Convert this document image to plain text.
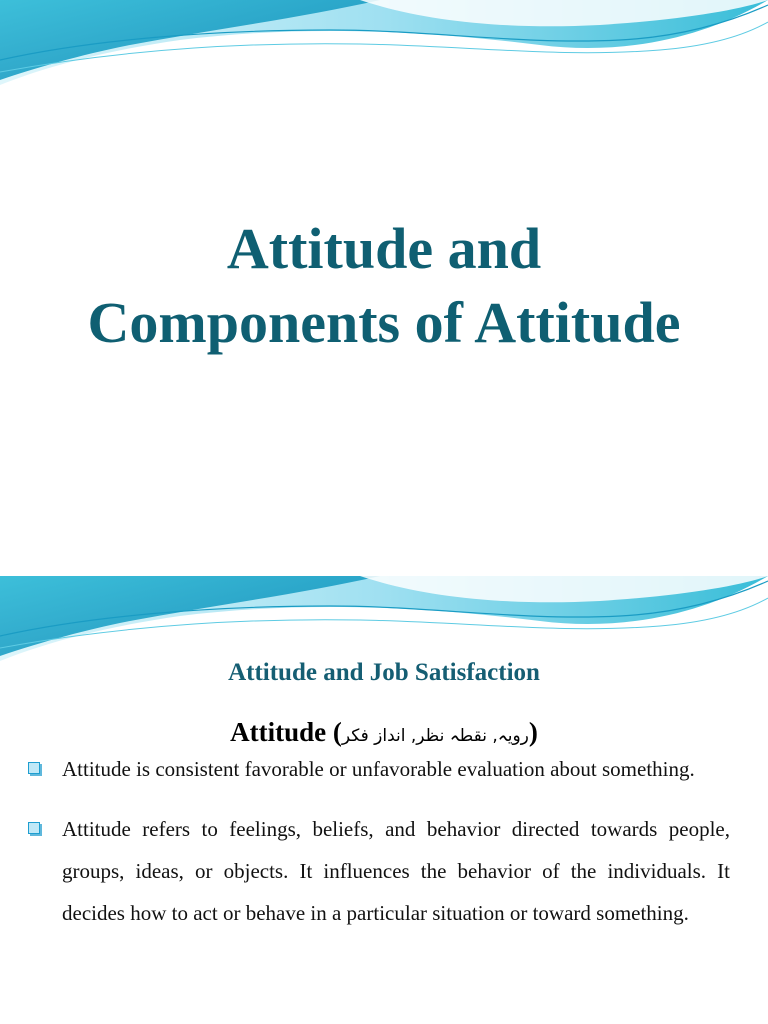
Attitude and
Components of Attitude
Attitude and Job Satisfaction

Attitude (رویہ, نقطہ نظر, انداز فکر)

Attitude is consistent favorable or unfavorable evaluation about something.
Attitude refers to feelings, beliefs, and behavior directed towards people, groups, ideas, or objects. It influences the behavior of the individuals. It decides how to act or behave in a particular situation or toward something.
